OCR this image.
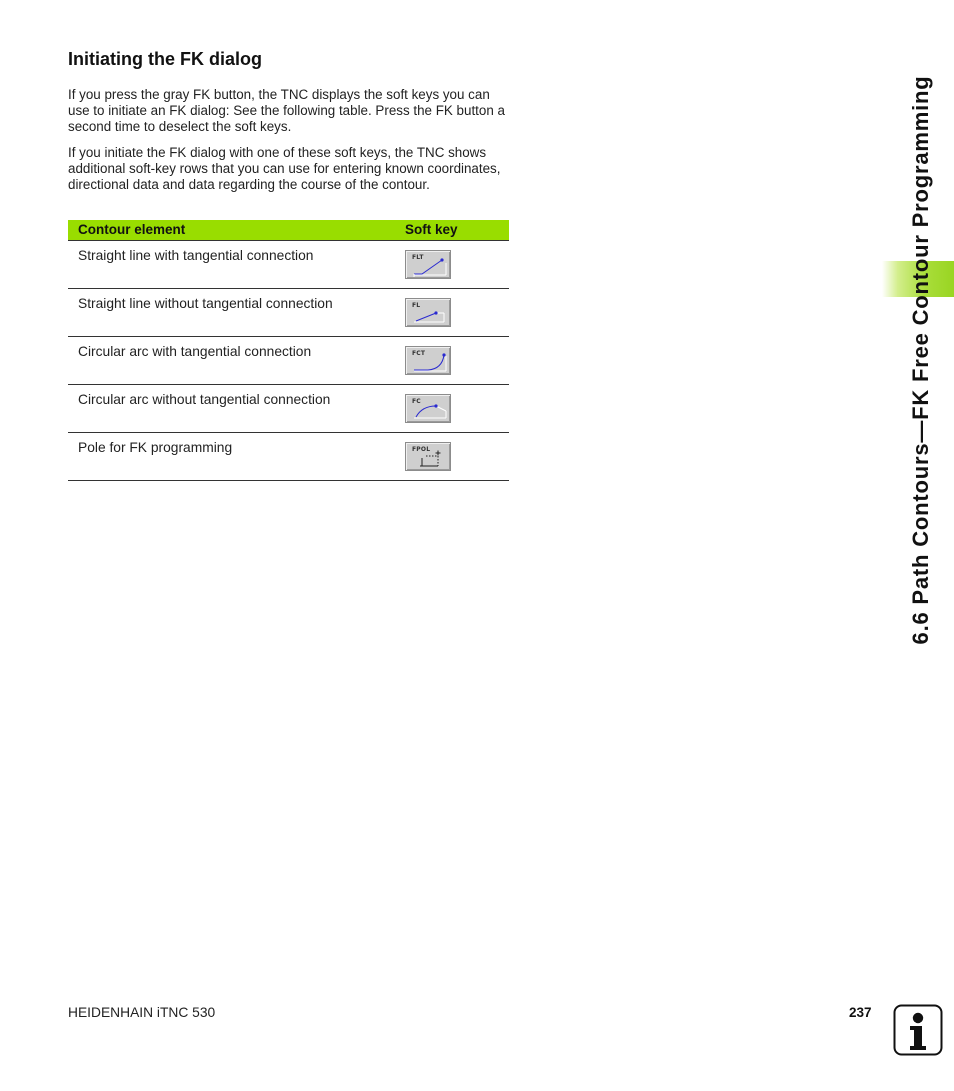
Initiating the FK dialog
If you press the gray FK button, the TNC displays the soft keys you can use to initiate an FK dialog: See the following table. Press the FK button a second time to deselect the soft keys.
If you initiate the FK dialog with one of these soft keys, the TNC shows additional soft-key rows that you can use for entering known coordinates, directional data and data regarding the course of the contour.
Contour element	Soft key
Straight line with tangential connection	FLT
Straight line without tangential connection	FL
Circular arc with tangential connection	FCT
Circular arc without tangential connection	FC
Pole for FK programming	FPOL	6.6 Path Contours—FK Free Contour Programming
HEIDENHAIN iTNC 530	237
